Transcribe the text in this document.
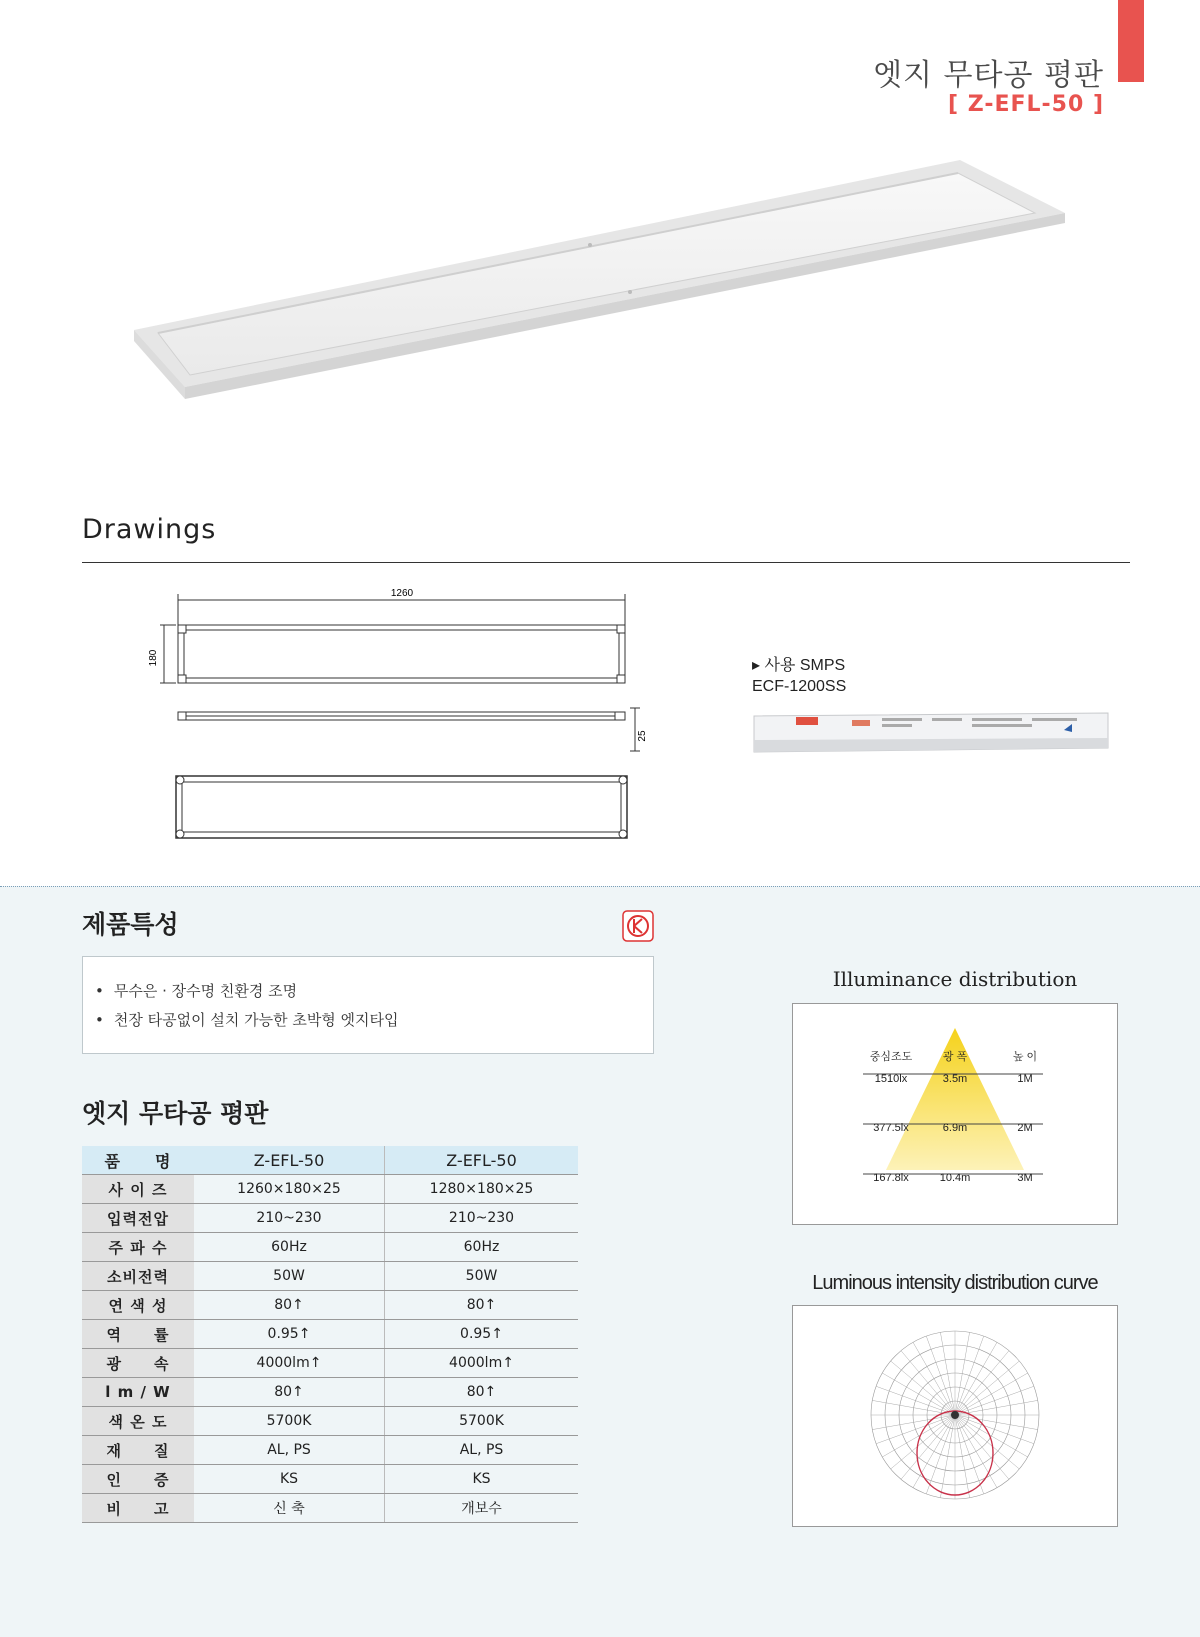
엣지 무타공 평판
[ Z-EFL-50 ]
Drawings
1260
180
25
▸ 사용 SMPS
ECF-1200SS
제품특성
• 무수은 · 장수명 친환경 조명
• 천장 타공없이 설치 가능한 초박형 엣지타입
엣지 무타공 평판
품　　명	Z-EFL-50	Z-EFL-50
사 이 즈	1260×180×25	1280×180×25
입력전압	210~230	210~230
주 파 수	60Hz	60Hz
소비전력	50W	50W
연 색 성	80↑	80↑
역　　률	0.95↑	0.95↑
광　　속	4000lm↑	4000lm↑
l m / W	80↑	80↑
색 온 도	5700K	5700K
재　　질	AL, PS	AL, PS
인　　증	KS	KS
비　　고	신 축	개보수
Illuminance distribution
중심조도	광 폭	높 이
1510lx	3.5m	1M
377.5lx	6.9m	2M
167.8lx	10.4m	3M
Luminous intensity distribution curve
